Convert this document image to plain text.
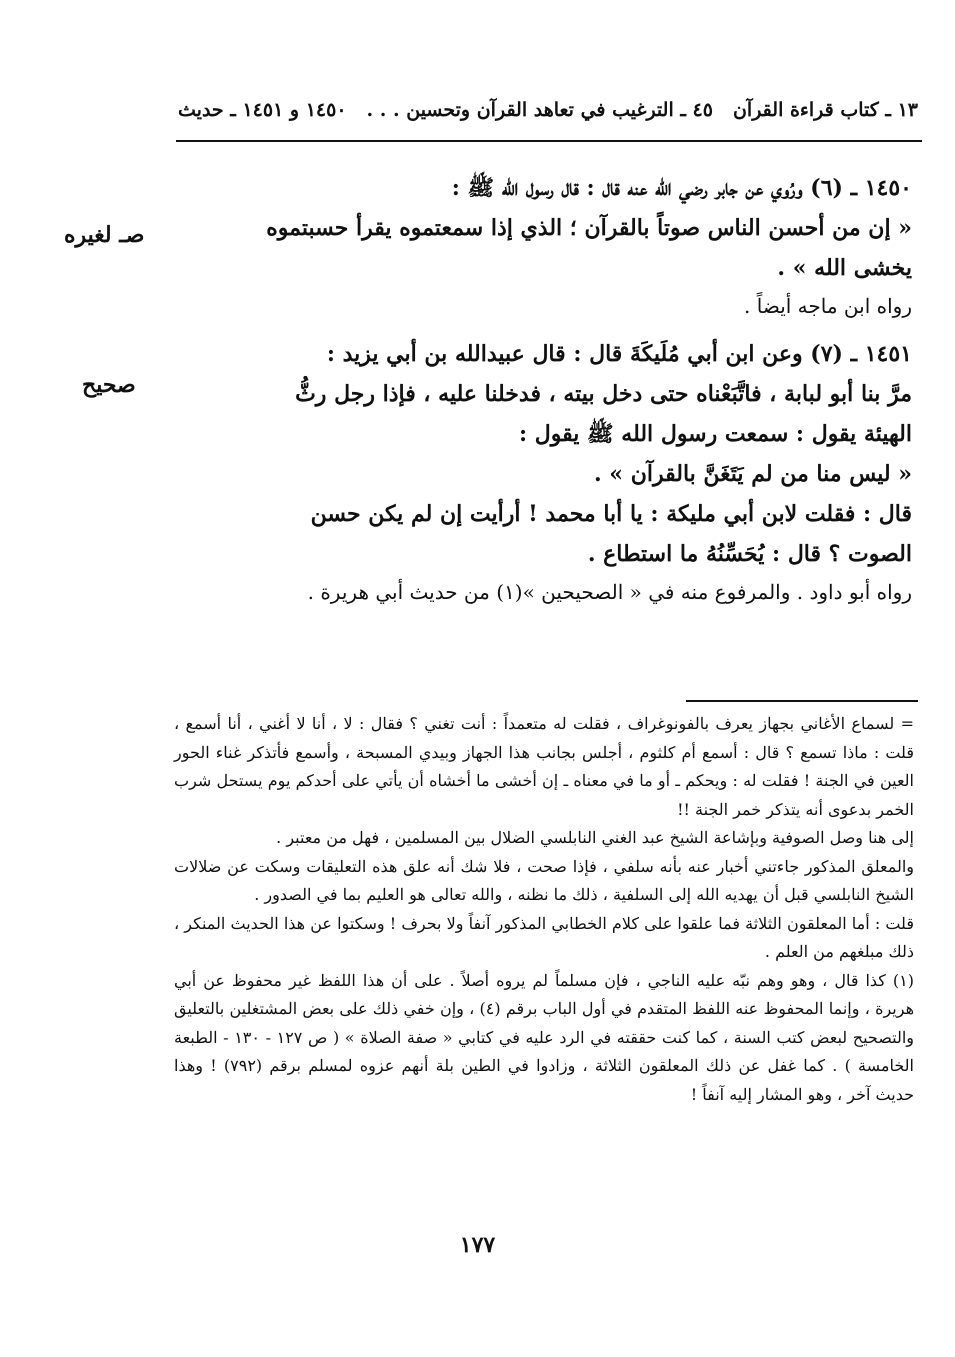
١٣ ـ كتاب قراءة القرآن
٤٥ ـ الترغيب في تعاهد القرآن وتحسين . . .
١٤٥٠ و ١٤٥١ ـ حديث
صـ لغيره
صحيح

١٤٥٠ ـ (٦) ورُوي عن جابر رضي الله عنه قال : قال رسول الله ﷺ :

« إن من أحسن الناس صوتاً بالقرآن ؛ الذي إذا سمعتموه يقرأ حسبتموه

يخشى الله » .

رواه ابن ماجه أيضاً .

١٤٥١ ـ (٧) وعن ابن أبي مُلَيكَةَ قال : قال عبيدالله بن أبي يزيد :

مرَّ بنا أبو لبابة ، فاتَّبَعْناه حتى دخل بيته ، فدخلنا عليه ، فإذا رجل رثُّ

الهيئة يقول : سمعت رسول الله ﷺ يقول :

« ليس منا من لم يَتَغَنَّ بالقرآن » .

قال : فقلت لابن أبي مليكة : يا أبا محمد ! أرأيت إن لم يكن حسن

الصوت ؟ قال : يُحَسِّنُهُ ما استطاع .

رواه أبو داود . والمرفوع منه في « الصحيحين »(١) من حديث أبي هريرة .

= لسماع الأغاني بجهاز يعرف بالفونوغراف ، فقلت له متعمداً : أنت تغني ؟ فقال : لا ، أنا لا أغني ، أنا أسمع ، قلت : ماذا تسمع ؟ قال : أسمع أم كلثوم ، أجلس بجانب هذا الجهاز وبيدي المسبحة ، وأسمع فأتذكر غناء الحور العين في الجنة ! فقلت له : ويحكم ـ أو ما في معناه ـ إن أخشى ما أخشاه أن يأتي على أحدكم يوم يستحل شرب الخمر بدعوى أنه يتذكر خمر الجنة !!

إلى هنا وصل الصوفية وبإشاعة الشيخ عبد الغني النابلسي الضلال بين المسلمين ، فهل من معتبر .

والمعلق المذكور جاءتني أخبار عنه بأنه سلفي ، فإذا صحت ، فلا شك أنه علق هذه التعليقات وسكت عن ضلالات الشيخ النابلسي قبل أن يهديه الله إلى السلفية ، ذلك ما نظنه ، والله تعالى هو العليم بما في الصدور .

قلت : أما المعلقون الثلاثة فما علقوا على كلام الخطابي المذكور آنفاً ولا بحرف ! وسكتوا عن هذا الحديث المنكر ، ذلك مبلغهم من العلم .

(١) كذا قال ، وهو وهم نبّه عليه الناجي ، فإن مسلماً لم يروه أصلاً . على أن هذا اللفظ غير محفوظ عن أبي هريرة ، وإنما المحفوظ عنه اللفظ المتقدم في أول الباب برقم (٤) ، وإن خفي ذلك على بعض المشتغلين بالتعليق والتصحيح لبعض كتب السنة ، كما كنت حققته في الرد عليه في كتابي « صفة الصلاة » ( ص ١٢٧ - ١٣٠ - الطبعة الخامسة ) . كما غفل عن ذلك المعلقون الثلاثة ، وزادوا في الطين بلة أنهم عزوه لمسلم برقم (٧٩٢) ! وهذا حديث آخر ، وهو المشار إليه آنفاً !

١٧٧
